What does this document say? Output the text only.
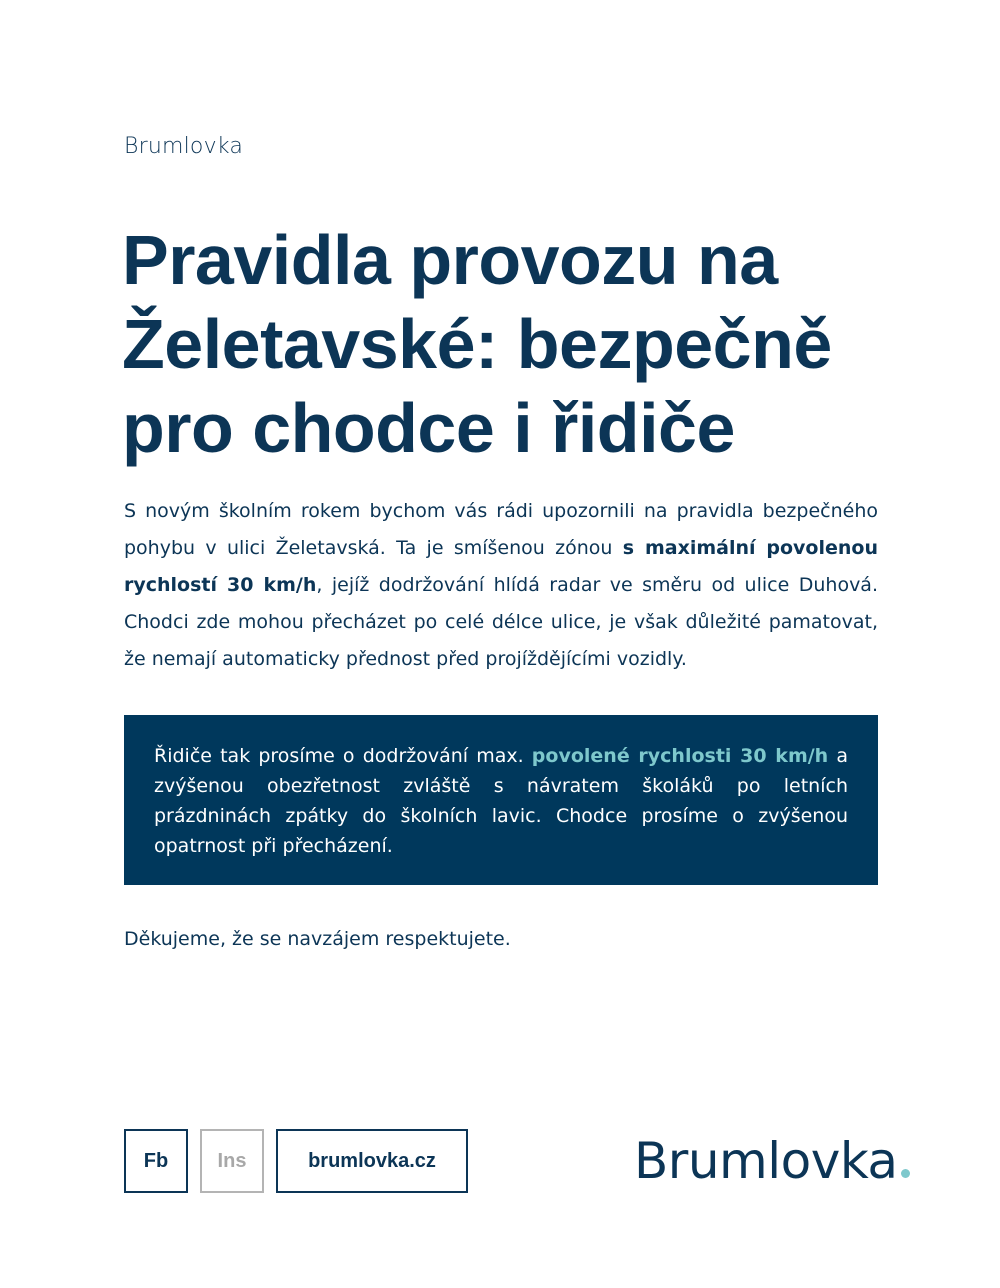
Brumlovka
Pravidla provozu na Želetavské: bezpečně pro chodce i řidiče

S novým školním rokem bychom vás rádi upozornili na pravidla bezpečného pohybu v ulici Želetavská. Ta je smíšenou zónou s maximální povolenou rychlostí 30 km/h, jejíž dodržování hlídá radar ve směru od ulice Duhová. Chodci zde mohou přecházet po celé délce ulice, je však důležité pamatovat, že nemají automaticky přednost před projíždějícími vozidly.

Řidiče tak prosíme o dodržování max. povolené rychlosti 30 km/h a zvýšenou obezřetnost zvláště s návratem školáků po letních prázdninách zpátky do školních lavic. Chodce prosíme o zvýšenou opatrnost při přecházení.

Děkujeme, že se navzájem respektujete.

Fb Ins	brumlovka.cz	Brumlovka
